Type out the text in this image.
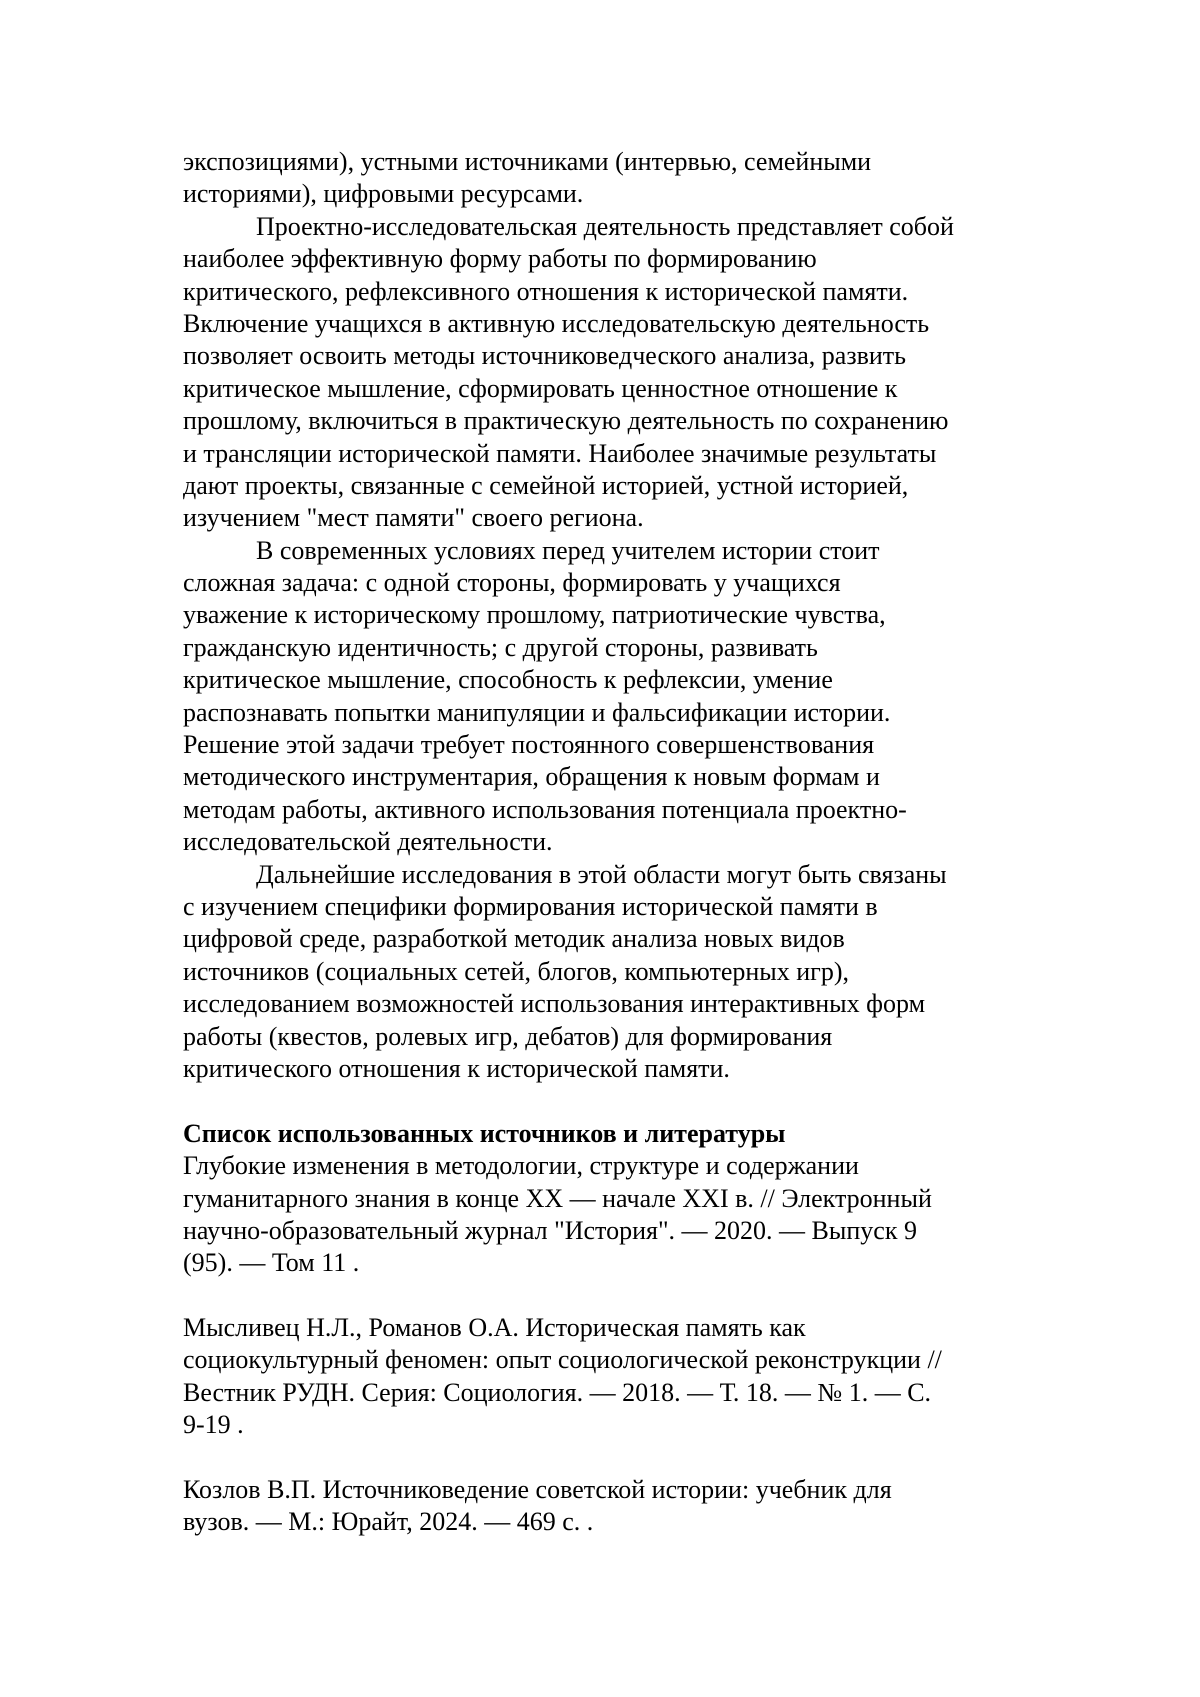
экспозициями), устными источниками (интервью, семейными
историями), цифровыми ресурсами.
Проектно-исследовательская деятельность представляет собой
наиболее эффективную форму работы по формированию
критического, рефлексивного отношения к исторической памяти.
Включение учащихся в активную исследовательскую деятельность
позволяет освоить методы источниковедческого анализа, развить
критическое мышление, сформировать ценностное отношение к
прошлому, включиться в практическую деятельность по сохранению
и трансляции исторической памяти. Наиболее значимые результаты
дают проекты, связанные с семейной историей, устной историей,
изучением "мест памяти" своего региона.
В современных условиях перед учителем истории стоит
сложная задача: с одной стороны, формировать у учащихся
уважение к историческому прошлому, патриотические чувства,
гражданскую идентичность; с другой стороны, развивать
критическое мышление, способность к рефлексии, умение
распознавать попытки манипуляции и фальсификации истории.
Решение этой задачи требует постоянного совершенствования
методического инструментария, обращения к новым формам и
методам работы, активного использования потенциала проектно-
исследовательской деятельности.
Дальнейшие исследования в этой области могут быть связаны
с изучением специфики формирования исторической памяти в
цифровой среде, разработкой методик анализа новых видов
источников (социальных сетей, блогов, компьютерных игр),
исследованием возможностей использования интерактивных форм
работы (квестов, ролевых игр, дебатов) для формирования
критического отношения к исторической памяти.
Список использованных источников и литературы
Глубокие изменения в методологии, структуре и содержании
гуманитарного знания в конце XX — начале XXI в. // Электронный
научно-образовательный журнал "История". — 2020. — Выпуск 9
(95). — Том 11 .
Мысливец Н.Л., Романов О.А. Историческая память как
социокультурный феномен: опыт социологической реконструкции //
Вестник РУДН. Серия: Социология. — 2018. — Т. 18. — № 1. — С.
9-19 .
Козлов В.П. Источниковедение советской истории: учебник для
вузов. — М.: Юрайт, 2024. — 469 с. .
